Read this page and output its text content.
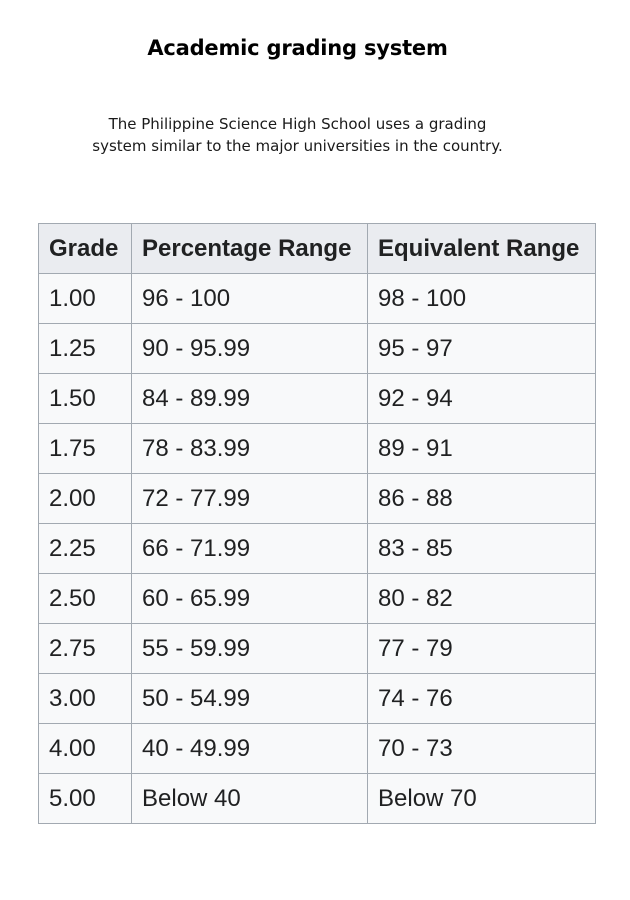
Academic grading system
The Philippine Science High School uses a grading
system similar to the major universities in the country.
Grade	Percentage Range	Equivalent Range
1.00	96 - 100	98 - 100
1.25	90 - 95.99	95 - 97
1.50	84 - 89.99	92 - 94
1.75	78 - 83.99	89 - 91
2.00	72 - 77.99	86 - 88
2.25	66 - 71.99	83 - 85
2.50	60 - 65.99	80 - 82
2.75	55 - 59.99	77 - 79
3.00	50 - 54.99	74 - 76
4.00	40 - 49.99	70 - 73
5.00	Below 40	Below 70
